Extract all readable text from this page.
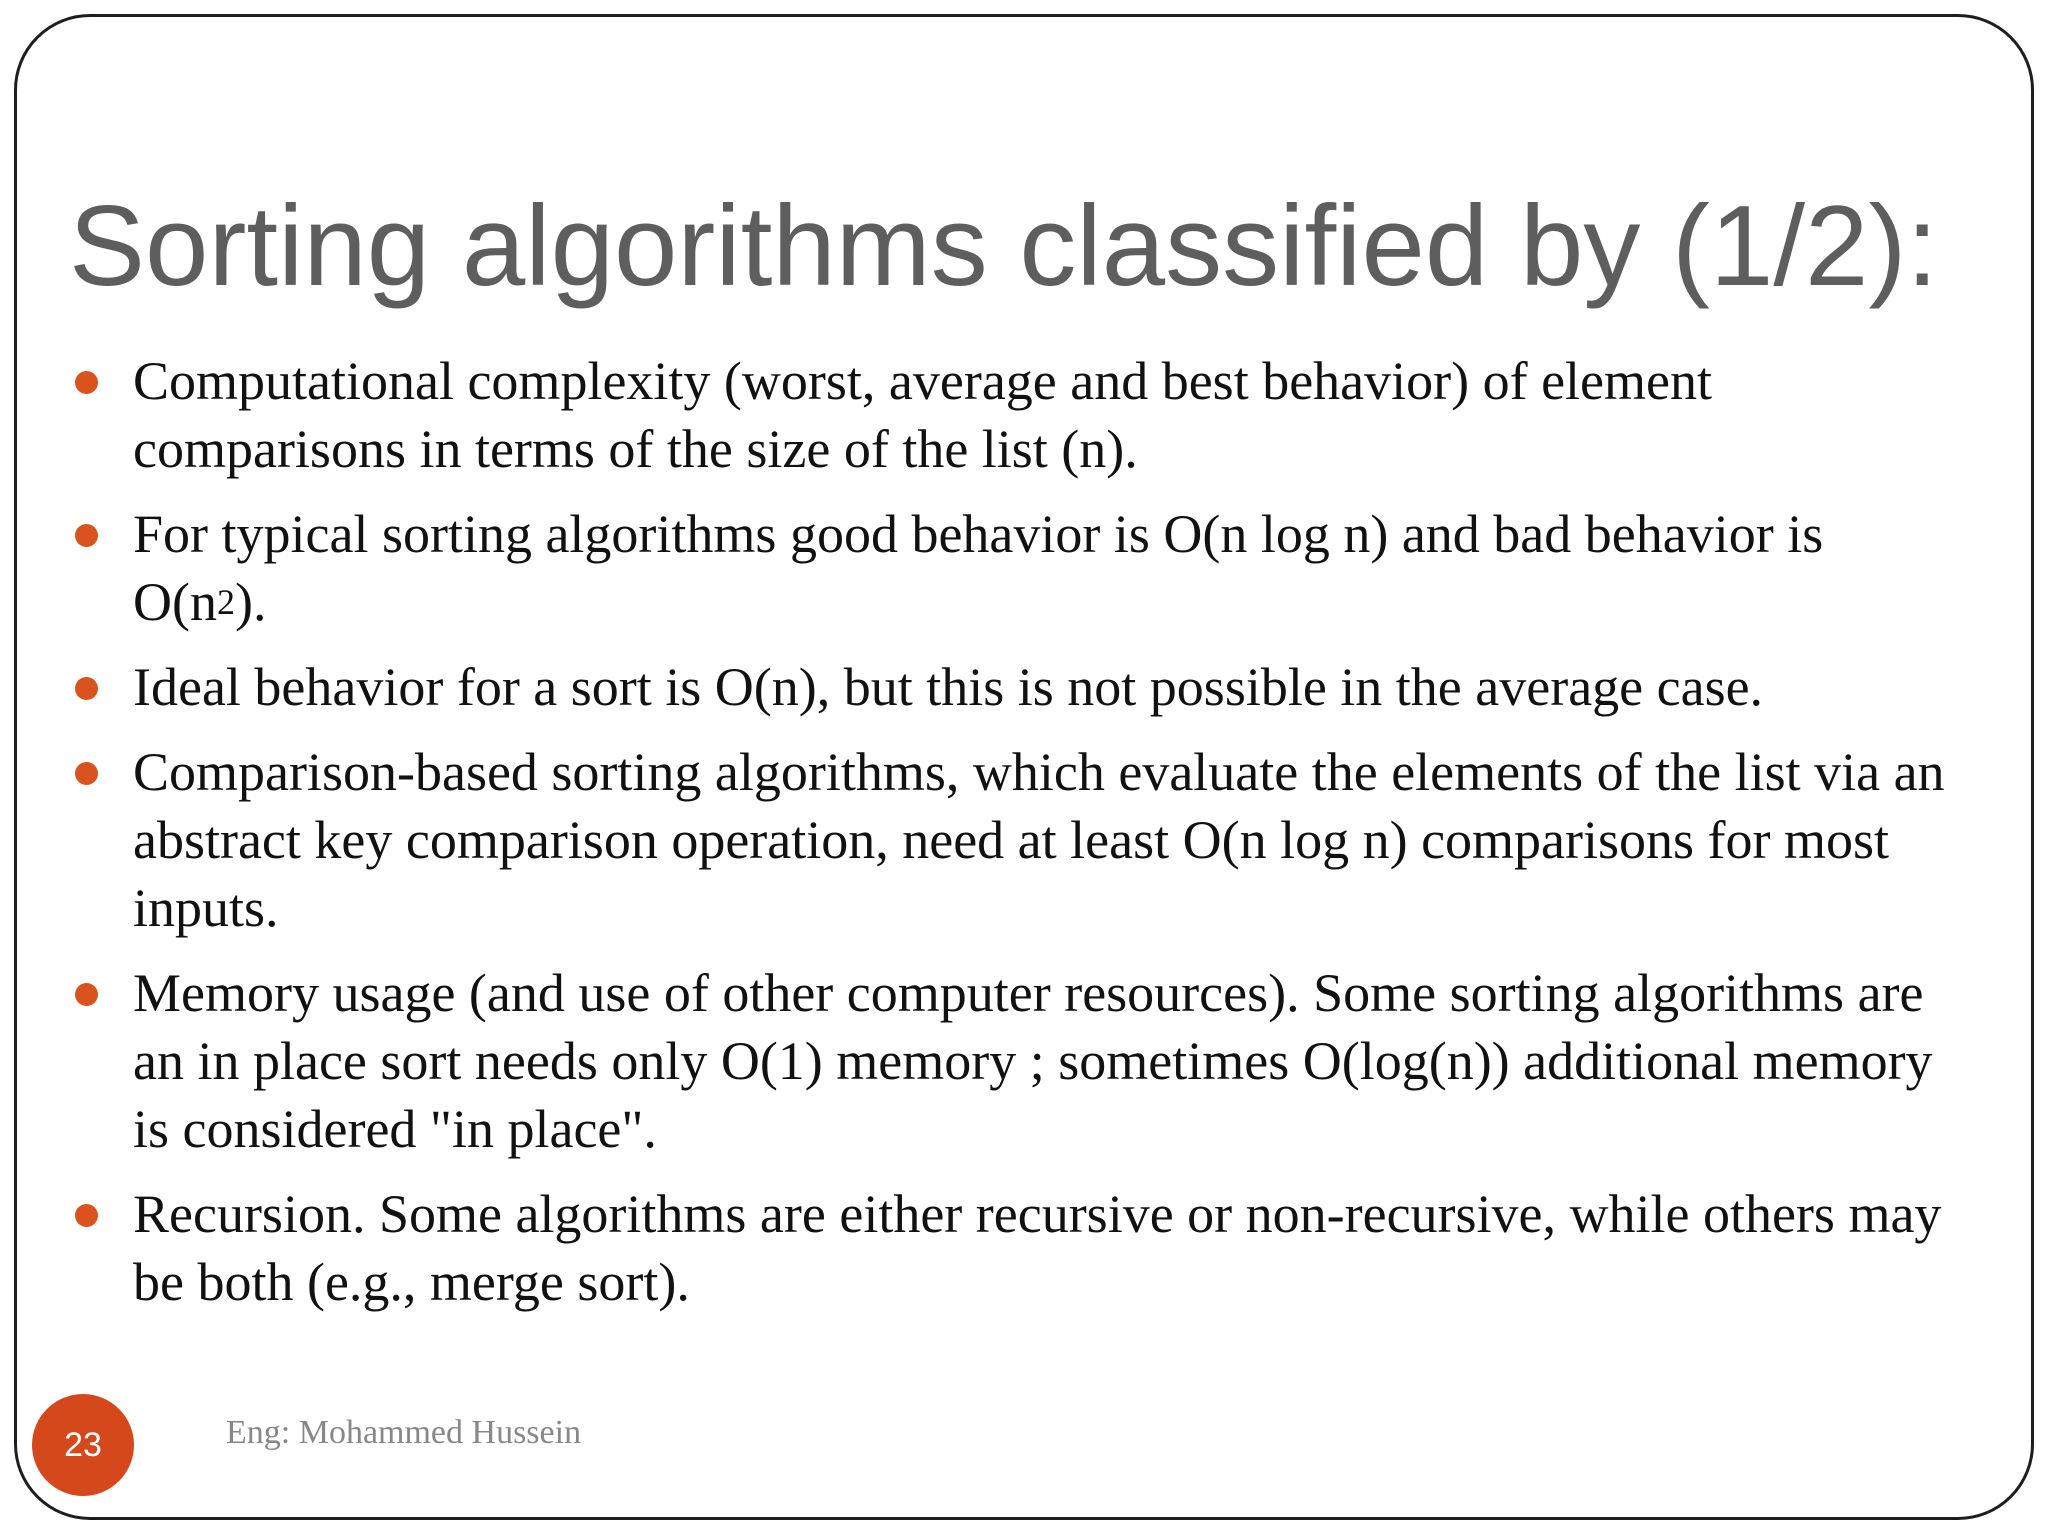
Sorting algorithms classified by (1/2):
Computational complexity (worst, average and best behavior) of element comparisons in terms of the size of the list (n).
For typical sorting algorithms good behavior is O(n log n) and bad behavior is $O(n^2)$.
Ideal behavior for a sort is O(n), but this is not possible in the average case.
Comparison-based sorting algorithms, which evaluate the elements of the list via an abstract key comparison operation, need at least O(n log n) comparisons for most inputs.
Memory usage (and use of other computer resources). Some sorting algorithms are an in place sort needs only O(1) memory ; sometimes O(log(n)) additional memory is considered "in place".
Recursion. Some algorithms are either recursive or non-recursive, while others may be both (e.g., merge sort).
23	Eng: Mohammed Hussein
